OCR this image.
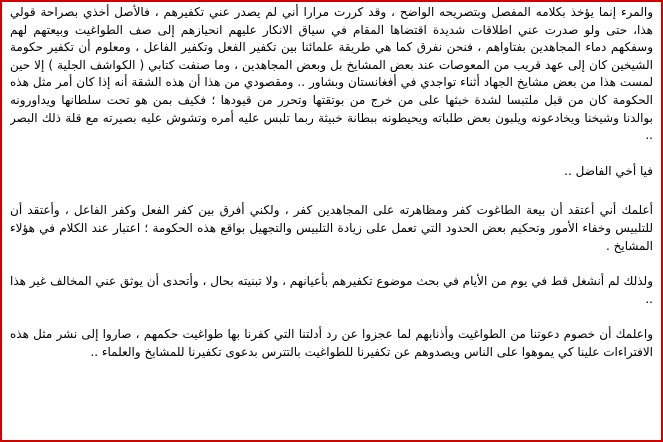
والمرء إنما يؤخذ بكلامه المفصل وبتصريحه الواضح ، وقد كررت مرارا أني لم يصدر عني تكفيرهم ، فالأصل أخذي بصراحة قولي هذا، حتى ولو صدرت عني اطلاقات شديدة اقتضاها المقام في سياق الانكار عليهم انحيازهم إلى صف الطواغيت وبيعتهم لهم وسفكهم دماء المجاهدين بفتاواهم ، فنحن نفرق كما هي طريقة علمائنا بين تكفير الفعل وتكفير الفاعل ، ومعلوم أن تكفير حكومة الشيخين كان إلى عهد قريب من المعوصات عند بعض المشايخ بل وبعض المجاهدين ، وما صنفت كتابي ( الكواشف الجلية ) إلا حين لمست هذا من بعض مشايخ الجهاد أثناء تواجدي في أفغانستان وبشاور .. ومقصودي من هذا أن هذه الشقة أنه إذا كان أمر مثل هذه الحكومة كان من قبل ملتبسا لشدة خبثها على من خرج من بوتقتها وتحرر من قيودها ؛ فكيف بمن هو تحت سلطانها ويداورونه بوالدنا وشيخنا ويخادعونه ويلبون بعض طلباته ويحيطونه ببطانة خبيثة ربما تلبس عليه أمره وتشوش عليه بصيرته مع قلة ذلك البصر ..

فيا أخي الفاضل ..

أعلمك أني أعتقد أن بيعة الطاغوت كفر ومظاهرته على المجاهدين كفر ، ولكني أفرق بين كفر الفعل وكفر الفاعل ، وأعتقد أن للتلبيس وخفاء الأمور وتحكيم بعض الحدود التي تعمل على زيادة التلبيس والتجهيل بواقع هذه الحكومة ؛ اعتبار عند الكلام في هؤلاء المشايخ .

ولذلك لم أنشغل قط في يوم من الأيام في بحث موضوع تكفيرهم بأعيانهم ، ولا تبنيته بحال ، وأتحدى أن يوثق عني المخالف غير هذا ..

واعلمك أن خصوم دعوتنا من الطواغيت وأذنابهم لما عجزوا عن رد أدلتنا التي كفرنا بها طواغيت حكمهم ، صاروا إلى نشر مثل هذه الافتراءات علينا كي يموهوا على الناس ويصدوهم عن تكفيرنا للطواغيت بالتترس بدعوى تكفيرنا للمشايخ والعلماء ..
